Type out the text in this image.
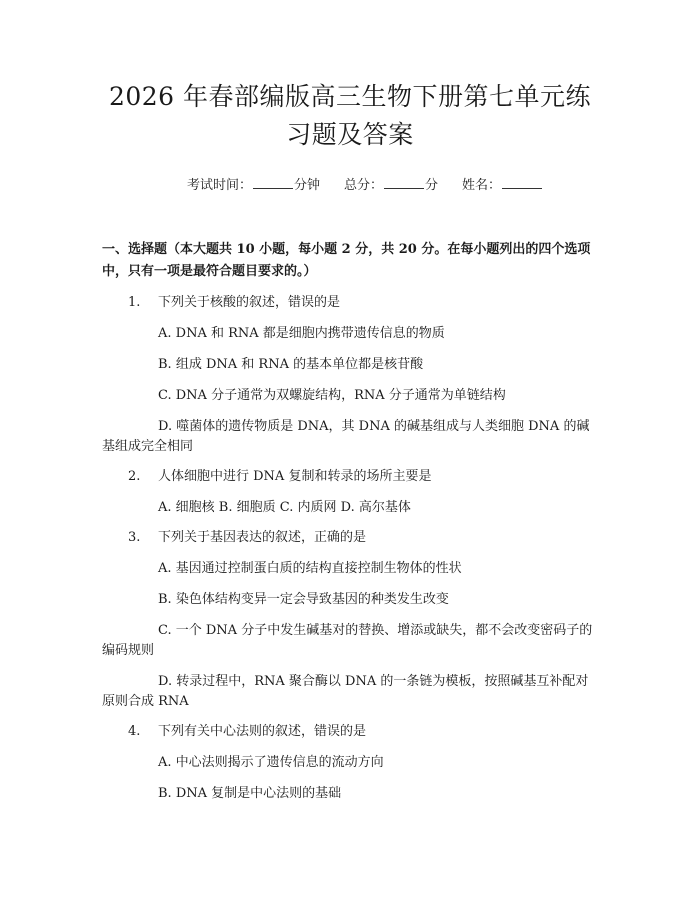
2026 年春部编版高三生物下册第七单元练习题及答案
考试时间：	分钟 总分：	分 姓名：
一、选择题（本大题共 10 小题，每小题 2 分，共 20 分。在每小题列出的四个选项中，只有一项是最符合题目要求的。）
1.	下列关于核酸的叙述，错误的是
A. DNA 和 RNA 都是细胞内携带遗传信息的物质
B. 组成 DNA 和 RNA 的基本单位都是核苷酸
C. DNA 分子通常为双螺旋结构，RNA 分子通常为单链结构
D. 噬菌体的遗传物质是 DNA，其 DNA 的碱基组成与人类细胞 DNA 的碱基组成完全相同
2.	人体细胞中进行 DNA 复制和转录的场所主要是
A. 细胞核 B. 细胞质 C. 内质网 D. 高尔基体
3.	下列关于基因表达的叙述，正确的是
A. 基因通过控制蛋白质的结构直接控制生物体的性状
B. 染色体结构变异一定会导致基因的种类发生改变
C. 一个 DNA 分子中发生碱基对的替换、增添或缺失，都不会改变密码子的编码规则
D. 转录过程中，RNA 聚合酶以 DNA 的一条链为模板，按照碱基互补配对原则合成 RNA
4.	下列有关中心法则的叙述，错误的是
A. 中心法则揭示了遗传信息的流动方向
B. DNA 复制是中心法则的基础
